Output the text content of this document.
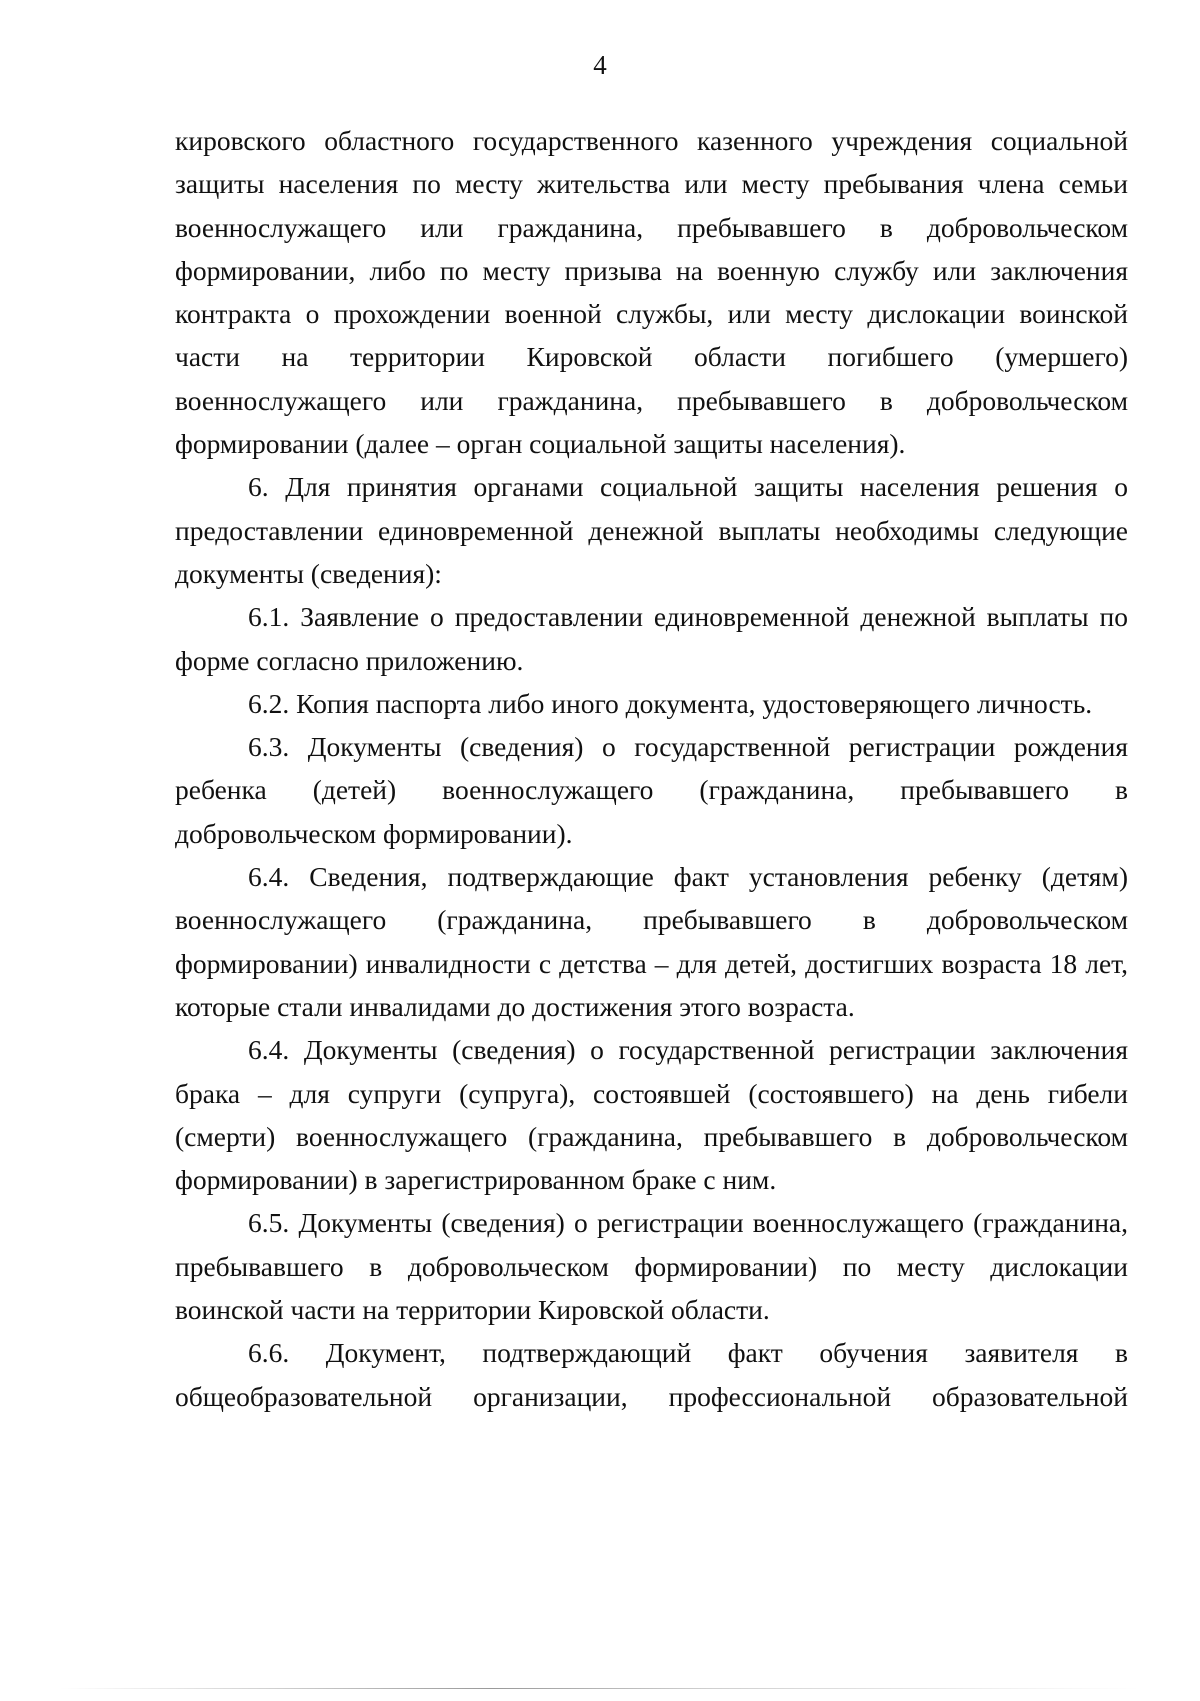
4

кировского областного государственного казенного учреждения социальной защиты населения по месту жительства или месту пребывания члена семьи военнослужащего или гражданина, пребывавшего в добровольческом формировании, либо по месту призыва на военную службу или заключения контракта о прохождении военной службы, или месту дислокации воинской части на территории Кировской области погибшего (умершего) военнослужащего или гражданина, пребывавшего в добровольческом формировании (далее – орган социальной защиты населения).

6. Для принятия органами социальной защиты населения решения о предоставлении единовременной денежной выплаты необходимы следующие документы (сведения):

6.1. Заявление о предоставлении единовременной денежной выплаты по форме согласно приложению.

6.2. Копия паспорта либо иного документа, удостоверяющего личность.

6.3. Документы (сведения) о государственной регистрации рождения ребенка (детей) военнослужащего (гражданина, пребывавшего в добровольческом формировании).

6.4. Сведения, подтверждающие факт установления ребенку (детям) военнослужащего (гражданина, пребывавшего в добровольческом формировании) инвалидности с детства – для детей, достигших возраста 18 лет, которые стали инвалидами до достижения этого возраста.

6.4. Документы (сведения) о государственной регистрации заключения брака – для супруги (супруга), состоявшей (состоявшего) на день гибели (смерти) военнослужащего (гражданина, пребывавшего в добровольческом формировании) в зарегистрированном браке с ним.

6.5. Документы (сведения) о регистрации военнослужащего (гражданина, пребывавшего в добровольческом формировании) по месту дислокации воинской части на территории Кировской области.

6.6. Документ, подтверждающий факт обучения заявителя в общеобразовательной организации, профессиональной образовательной
